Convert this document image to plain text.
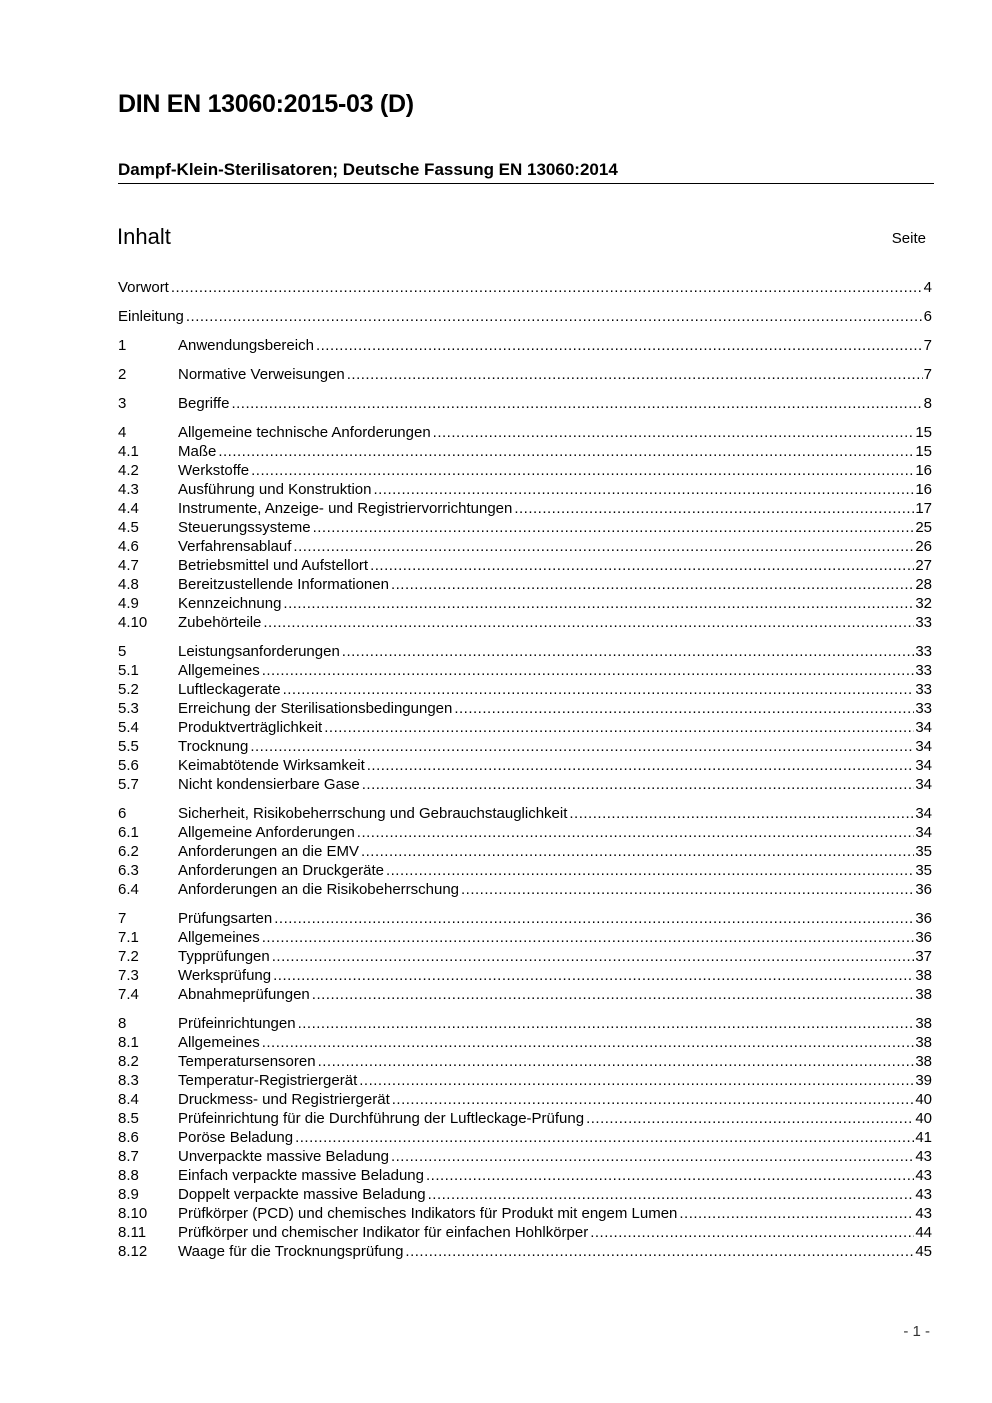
DIN EN 13060:2015-03 (D)
Dampf-Klein-Sterilisatoren; Deutsche Fassung EN 13060:2014
Inhalt	Seite
Vorwort .....	4
Einleitung .....	6
1	Anwendungsbereich .....	7
2	Normative Verweisungen .....	7
3	Begriffe .....	8
4	Allgemeine technische Anforderungen .....	15
4.1	Maße .....	15
4.2	Werkstoffe .....	16
4.3	Ausführung und Konstruktion .....	16
4.4	Instrumente, Anzeige- und Registriervorrichtungen .....	17
4.5	Steuerungssysteme .....	25
4.6	Verfahrensablauf .....	26
4.7	Betriebsmittel und Aufstellort .....	27
4.8	Bereitzustellende Informationen .....	28
4.9	Kennzeichnung .....	32
4.10	Zubehörteile .....	33
5	Leistungsanforderungen .....	33
5.1	Allgemeines .....	33
5.2	Luftleckagerate .....	33
5.3	Erreichung der Sterilisationsbedingungen .....	33
5.4	Produktverträglichkeit .....	34
5.5	Trocknung .....	34
5.6	Keimabtötende Wirksamkeit .....	34
5.7	Nicht kondensierbare Gase .....	34
6	Sicherheit, Risikobeherrschung und Gebrauchstauglichkeit .....	34
6.1	Allgemeine Anforderungen .....	34
6.2	Anforderungen an die EMV .....	35
6.3	Anforderungen an Druckgeräte .....	35
6.4	Anforderungen an die Risikobeherrschung .....	36
7	Prüfungsarten .....	36
7.1	Allgemeines .....	36
7.2	Typprüfungen .....	37
7.3	Werksprüfung .....	38
7.4	Abnahmeprüfungen .....	38
8	Prüfeinrichtungen .....	38
8.1	Allgemeines .....	38
8.2	Temperatursensoren .....	38
8.3	Temperatur-Registriergerät .....	39
8.4	Druckmess- und Registriergerät .....	40
8.5	Prüfeinrichtung für die Durchführung der Luftleckage-Prüfung .....	40
8.6	Poröse Beladung .....	41
8.7	Unverpackte massive Beladung .....	43
8.8	Einfach verpackte massive Beladung .....	43
8.9	Doppelt verpackte massive Beladung .....	43
8.10	Prüfkörper (PCD) und chemisches Indikators für Produkt mit engem Lumen .....	43
8.11	Prüfkörper und chemischer Indikator für einfachen Hohlkörper .....	44
8.12	Waage für die Trocknungsprüfung .....	45
- 1 -
